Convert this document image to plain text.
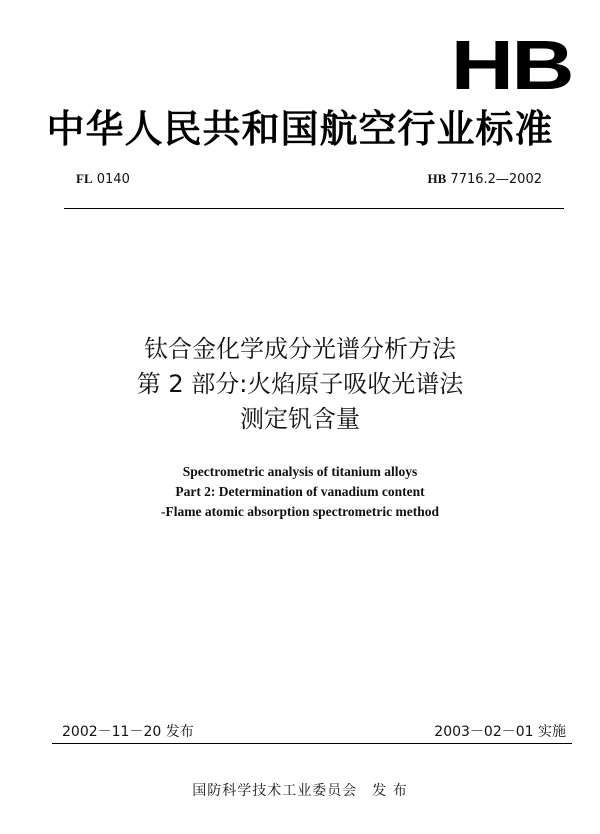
HB
中华人民共和国航空行业标准
FL 0140	HB 7716.2—2002
钛合金化学成分光谱分析方法
第 2 部分:火焰原子吸收光谱法
测定钒含量
Spectrometric analysis of titanium alloys
Part 2: Determination of vanadium content
-Flame atomic absorption spectrometric method
2002－11－20 发布	2003－02－01 实施
国防科学技术工业委员会　发 布
